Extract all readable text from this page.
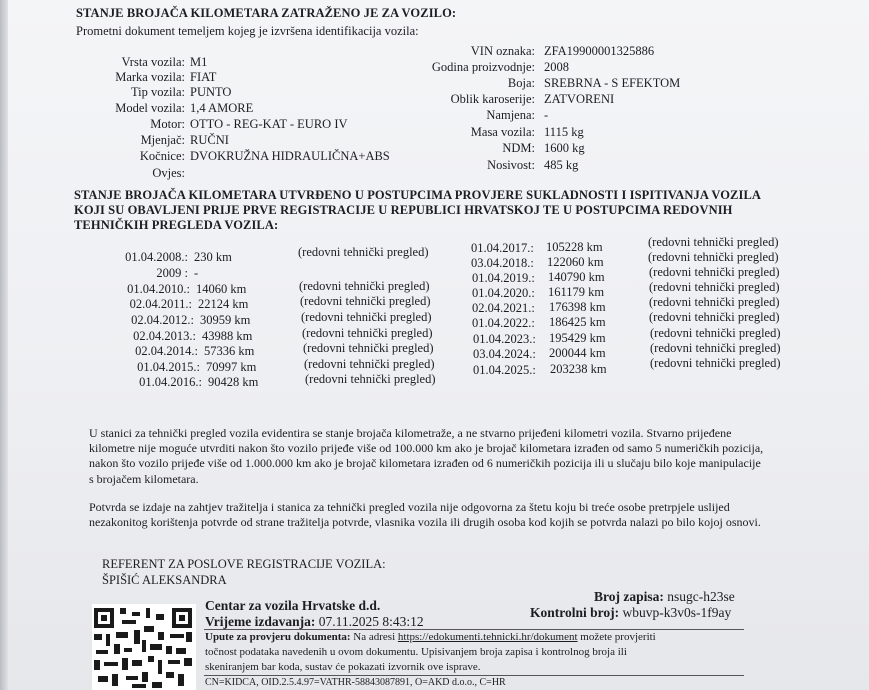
STANJE BROJAČA KILOMETARA ZATRAŽENO JE ZA VOZILO:
Prometni dokument temeljem kojeg je izvršena identifikacija vozila:
Vrsta vozila: M1
Marka vozila: FIAT
Tip vozila: PUNTO
Model vozila: 1,4 AMORE
Motor: OTTO - REG-KAT - EURO IV
Mjenjač: RUČNI
Kočnice: DVOKRUŽNA HIDRAULIČNA+ABS
Ovjes:
VIN oznaka: ZFA19900001325886
Godina proizvodnje: 2008
Boja: SREBRNA - S EFEKTOM
Oblik karoserije: ZATVORENI
Namjena: -
Masa vozila: 1115 kg
NDM: 1600 kg
Nosivost: 485 kg
STANJE BROJAČA KILOMETARA UTVRĐENO U POSTUPCIMA PROVJERE SUKLADNOSTI I ISPITIVANJA VOZILA
KOJI SU OBAVLJENI PRIJE PRVE REGISTRACIJE U REPUBLICI HRVATSKOJ TE U POSTUPCIMA REDOVNIH
TEHNIČKIH PREGLEDA VOZILA:
01.04.2008.: 230 km	(redovni tehnički pregled)
2009 : -
01.04.2010.: 14060 km	(redovni tehnički pregled)
02.04.2011.: 22124 km	(redovni tehnički pregled)
02.04.2012.: 30959 km	(redovni tehnički pregled)
02.04.2013.: 43988 km	(redovni tehnički pregled)
02.04.2014.: 57336 km	(redovni tehnički pregled)
01.04.2015.: 70997 km	(redovni tehnički pregled)
01.04.2016.: 90428 km	(redovni tehnički pregled)
01.04.2017.: 105228 km	(redovni tehnički pregled)
03.04.2018.: 122060 km	(redovni tehnički pregled)
01.04.2019.: 140790 km	(redovni tehnički pregled)
01.04.2020.: 161179 km	(redovni tehnički pregled)
02.04.2021.: 176398 km	(redovni tehnički pregled)
01.04.2022.: 186425 km	(redovni tehnički pregled)
01.04.2023.: 195429 km	(redovni tehnički pregled)
03.04.2024.: 200044 km	(redovni tehnički pregled)
01.04.2025.: 203238 km	(redovni tehnički pregled)
U stanici za tehnički pregled vozila evidentira se stanje brojača kilometraže, a ne stvarno prijeđeni kilometri vozila. Stvarno prijeđene
kilometre nije moguće utvrditi nakon što vozilo prijeđe više od 100.000 km ako je brojač kilometara izrađen od samo 5 numeričkih pozicija,
nakon što vozilo prijeđe više od 1.000.000 km ako je brojač kilometara izrađen od 6 numeričkih pozicija ili u slučaju bilo koje manipulacije
s brojačem kilometara.
Potvrda se izdaje na zahtjev tražitelja i stanica za tehnički pregled vozila nije odgovorna za štetu koju bi treće osobe pretrpjele uslijed
nezakonitog korištenja potvrde od strane tražitelja potvrde, vlasnika vozila ili drugih osoba kod kojih se potvrda nalazi po bilo kojoj osnovi.
REFERENT ZA POSLOVE REGISTRACIJE VOZILA:
ŠPIŠIĆ ALEKSANDRA
Centar za vozila Hrvatske d.d.
Broj zapisa: nsugc-h23se
Vrijeme izdavanja: 07.11.2025 8:43:12
Kontrolni broj: wbuvp-k3v0s-1f9ay
Upute za provjeru dokumenta: Na adresi https://edokumenti.tehnicki.hr/dokument možete provjeriti
točnost podataka navedenih u ovom dokumentu. Upisivanjem broja zapisa i kontrolnog broja ili
skeniranjem bar koda, sustav će pokazati izvornik ove isprave.
CN=KIDCA, OID.2.5.4.97=VATHR-58843087891, O=AKD d.o.o., C=HR
